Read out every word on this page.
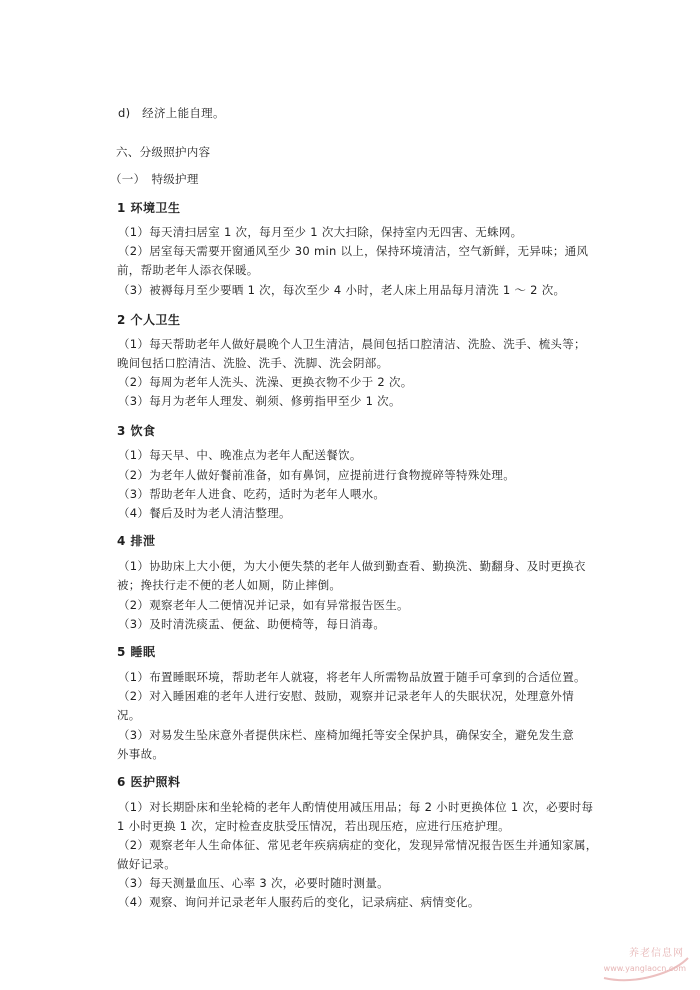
d)　经济上能自理。
六、分级照护内容
（一）　特级护理
1 环境卫生
（1）每天清扫居室 1 次，每月至少 1 次大扫除，保持室内无四害、无蛛网。
（2）居室每天需要开窗通风至少 30 min 以上，保持环境清洁，空气新鲜，无异味；通风
前，帮助老年人添衣保暖。
（3）被褥每月至少要晒 1 次，每次至少 4 小时，老人床上用品每月清洗 1 ～ 2 次。
2 个人卫生
（1）每天帮助老年人做好晨晚个人卫生清洁，晨间包括口腔清洁、洗脸、洗手、梳头等；
晚间包括口腔清洁、洗脸、洗手、洗脚、洗会阴部。
（2）每周为老年人洗头、洗澡、更换衣物不少于 2 次。
（3）每月为老年人理发、剃须、修剪指甲至少 1 次。
3 饮食
（1）每天早、中、晚准点为老年人配送餐饮。
（2）为老年人做好餐前准备，如有鼻饲，应提前进行食物搅碎等特殊处理。
（3）帮助老年人进食、吃药，适时为老年人喂水。
（4）餐后及时为老人清洁整理。
4 排泄
（1）协助床上大小便，为大小便失禁的老年人做到勤查看、勤换洗、勤翻身、及时更换衣
被；搀扶行走不便的老人如厕，防止摔倒。
（2）观察老年人二便情况并记录，如有异常报告医生。
（3）及时清洗痰盂、便盆、助便椅等，每日消毒。
5 睡眠
（1）布置睡眠环境，帮助老年人就寝，将老年人所需物品放置于随手可拿到的合适位置。
（2）对入睡困难的老年人进行安慰、鼓励，观察并记录老年人的失眠状况，处理意外情
况。
（3）对易发生坠床意外者提供床栏、座椅加绳托等安全保护具，确保安全，避免发生意
外事故。
6 医护照料
（1）对长期卧床和坐轮椅的老年人酌情使用减压用品；每 2 小时更换体位 1 次，必要时每
1 小时更换 1 次，定时检查皮肤受压情况，若出现压疮，应进行压疮护理。
（2）观察老年人生命体征、常见老年疾病病症的变化，发现异常情况报告医生并通知家属，
做好记录。
（3）每天测量血压、心率 3 次，必要时随时测量。
（4）观察、询问并记录老年人服药后的变化，记录病症、病情变化。
养老信息网
www.yanglaocn.com
